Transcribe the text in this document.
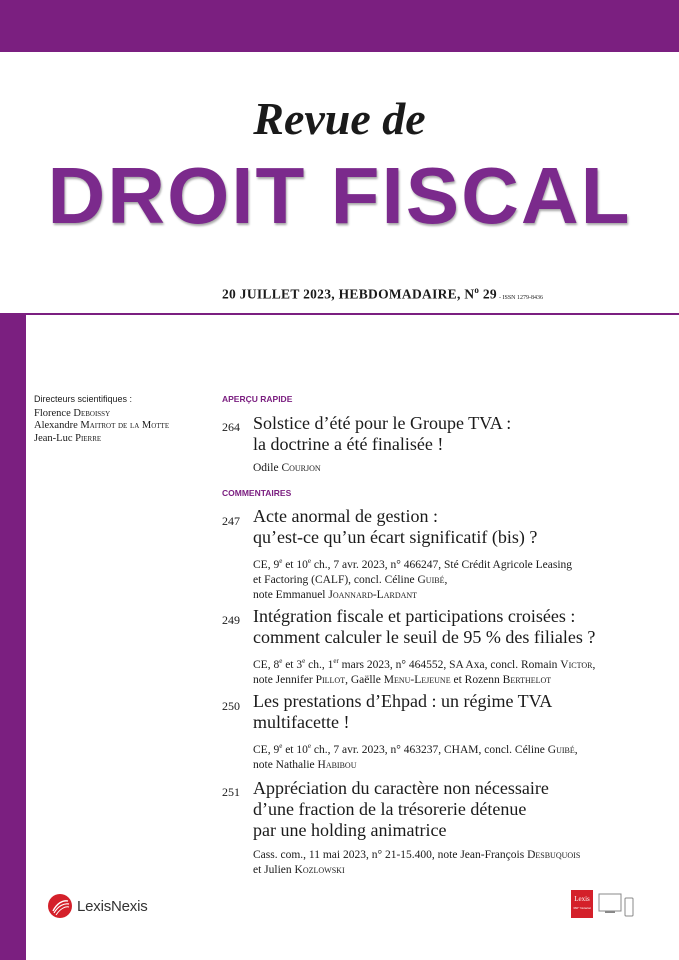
Revue de
DROIT FISCAL
20 JUILLET 2023, HEBDOMADAIRE, $N^o$ 29 - ISSN 1279-8436
Directeurs scientifiques :
Florence Deboissy
Alexandre Maitrot de la Motte
Jean-Luc Pierre
APERÇU RAPIDE
264 Solstice d’été pour le Groupe TVA :
la doctrine a été finalisée !
Odile Courjon
COMMENTAIRES
247 Acte anormal de gestion :
qu’est-ce qu’un écart significatif (bis) ?
CE, 9e et 10e ch., 7 avr. 2023, n° 466247, Sté Crédit Agricole Leasing
et Factoring (CALF), concl. Céline Guibé,
note Emmanuel Joannard-Lardant
249 Intégration fiscale et participations croisées :
comment calculer le seuil de 95 % des filiales ?
CE, 8e et 3e ch., 1er mars 2023, n° 464552, SA Axa, concl. Romain Victor,
note Jennifer Pillot, Gaëlle Menu-Lejeune et Rozenn Berthelot
250 Les prestations d’Ehpad : un régime TVA
multifacette !
CE, 9e et 10e ch., 7 avr. 2023, n° 463237, CHAM, concl. Céline Guibé,
note Nathalie Habibou
251 Appréciation du caractère non nécessaire
d’une fraction de la trésorerie détenue
par une holding animatrice
Cass. com., 11 mai 2023, n° 21-15.400, note Jean-François Desbuquois
et Julien Kozlowski
LexisNexis	Lexis
360° Notariat
